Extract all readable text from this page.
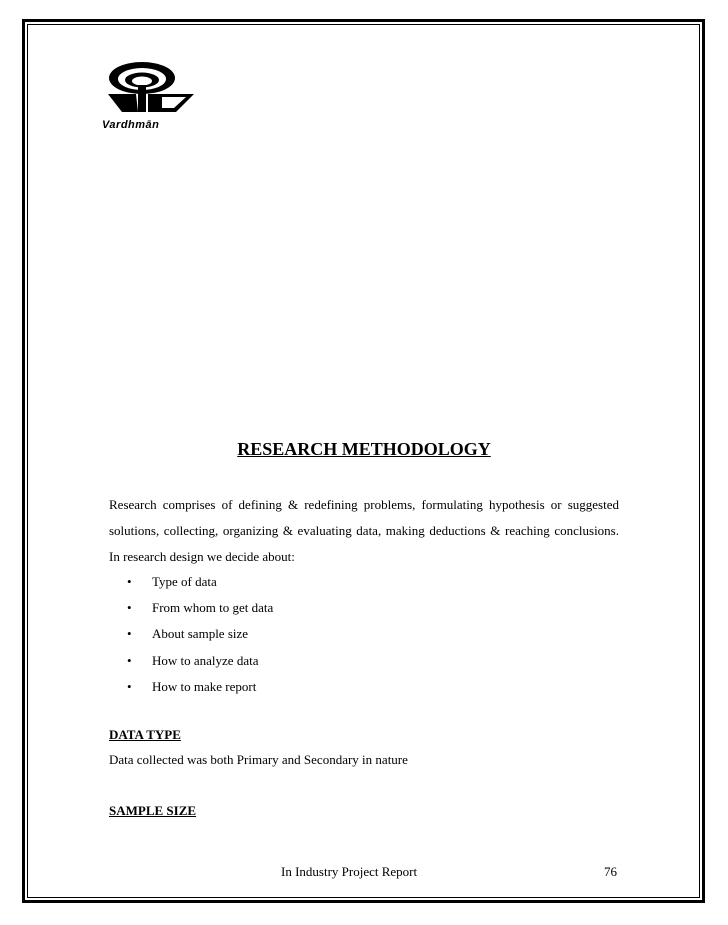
Vardhmān
RESEARCH METHODOLOGY
Research comprises of defining & redefining problems, formulating hypothesis or suggested solutions, collecting, organizing & evaluating data, making deductions & reaching conclusions. In research design we decide about:
• Type of data
• From whom to get data
• About sample size
• How to analyze data
• How to make report
DATA TYPE
Data collected was both Primary and Secondary in nature
SAMPLE SIZE
In Industry Project Report	76
